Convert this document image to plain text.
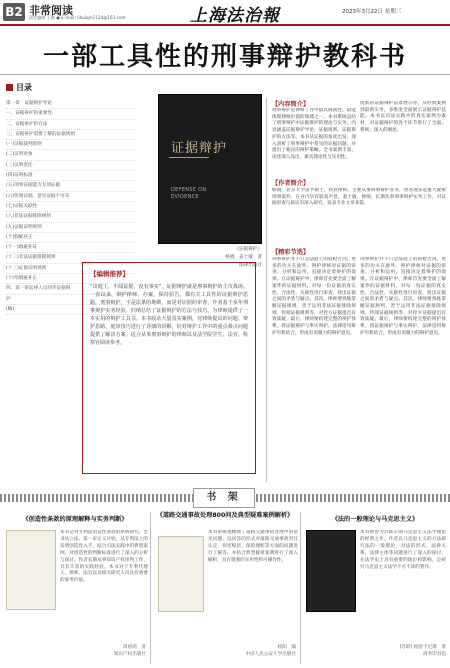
B2 非常阅读
责任编辑 王婉 ● E-mail: lihuiqin1124@163.com	上海法治報	2023年3月22日 星期三
一部工具性的刑事辩护教科书
目录
第一章　证据辩护导论
一、证据辩护的重要性
二、证据辩护的方法
三、证据辩护需要了解的证据规则
(一)证据裁判原则
(二)证明对象
(三)证明责任
(四)证明标准
(五)刑事证据能力专项证据
(六)传闻证据、意见证据不可采
(七)证据关联性
(八)非法证据排除规则
(九)证据证明规则
(十)瑕疵补正
(十一)瑕疵补证
(十二)非法证据排除规则
(十三)证据证明规则
(十四)瑕疵补正
四、第一审讼律人员同步证据辩
护
(略)
证据辩护
DEFENSE ON
EVIDENCE
《证据辩护》
杨晓　姜士敏　著
法律出版社
【编辑推荐】
“出庭上，不闻证据，没有事实”。证据辩护就是刑事辩护的主攻战场。一直以来，辩护律师、办案、保持原告，都有关工具性的证据辩护思路。刑事辩护，不是法条的堆砌，而是对证据的审查。作者基于多年刑事辩护实务经验，归纳总结了证据辩护的方法与技巧，为律师提供了一本实用的辩护工具书。本书收录大量真实案例，对律师提出的问题、辩护思路、庭审技巧进行了详细的讲解，针对辩护工作中的重点难点问题提供了解决方案。适合从事刑事辩护的律师以及法学院学生、法官、检察官阅读参考。
【内容简介】
刑事辩护是律师工作中最具挑战性、最能体现律师价值的领域之一。本书系统总结了刑事辩护中证据辩护的理论与实务，内容涵盖证据辩护导论、证据规则、证据辩护的方法等。本书从证据的角度出发，深入剖析了刑事辩护中常见的证据问题，并提出了相应的辩护策略。全书案例丰富、论述深入浅出，兼具理论性与实用性。
度新的证据辩护前景展示办。从经典案例到最新实务，多维度全面展示证据辩护技能。本书以司法实践中的真实案例为素材，对证据辩护的各个环节进行了全面、系统、深入的阐述。
【作者简介】
杨晓，北京大学法学硕士，执业律师。主要从事刑事辩护业务，曾办理多起重大疑难刑事案件，在业内享有较高声誉。姜士敏，律师，长期从事刑事辩护实务工作，对证据审查与质证有深入研究，发表专业文章多篇。
【精彩节选】
刑事辩护并不只是法庭上的唇枪舌剑，更多的功夫在庭外。辩护律师对证据的审查、分析和运用，直接决定着辩护的效果。在证据辩护中，律师首先要全面了解案件的证据材料，对每一份证据的真实性、合法性、关联性进行审查，找出证据之间的矛盾与疑点。其次，律师要熟练掌握证据规则，善于运用非法证据排除规则、传闻证据规则等，对控方证据提出有效质疑。最后，律师要构建完整的辩护体系，将证据辩护与事实辩护、法律适用辩护有机结合，形成有说服力的辩护意见。
刑事辩护并不只是法庭上的唇枪舌剑，更多的功夫在庭外。辩护律师对证据的审查、分析和运用，直接决定着辩护的效果。在证据辩护中，律师首先要全面了解案件的证据材料，对每一份证据的真实性、合法性、关联性进行审查，找出证据之间的矛盾与疑点。其次，律师要熟练掌握证据规则，善于运用非法证据排除规则、传闻证据规则等，对控方证据提出有效质疑。最后，律师要构建完整的辩护体系，将证据辩护与事实辩护、法律适用辩护有机结合，形成有说服力的辩护意见。
书 架
《创造性条款的原理解释与实务判断》
本书是对专利法创造性条款的系统研究。全书从立法、第一审定义开始，从专利法上的发明创造性入手，结合司法实践中的典型案例，对创造性的判断标准进行了深入的分析与探讨。作者长期从事知识产权审判工作，具有丰富的实践经验。本书对于专利代理人、律师、法官以及相关研究人员具有重要的参考价值。
周裕鸿　著
知识产权出版社
《道路交通事故处理800问及典型疑难案例解析》
本书系统地梳理了道路交通事故处理中的常见问题，以问答的形式对道路交通事故责任认定、损害赔偿、保险理赔等方面的问题进行了解答，并结合典型疑难案例进行了深入解析，具有很强的实用性和可操作性。
杨阳　编
中国人民公安大学出版社
《法的一般理论与马克思主义》
本书被誉为苏联早期马克思主义法学理论的经典之作。作者以马克思主义的方法研究法的一般理论，对法的形式、法律关系、法律主体等问题进行了深入的探讨，在法学史上具有重要的地位和影响，是研究马克思主义法学不可不读的著作。
[苏联] 帕舒卡尼斯　著
商务印书馆
